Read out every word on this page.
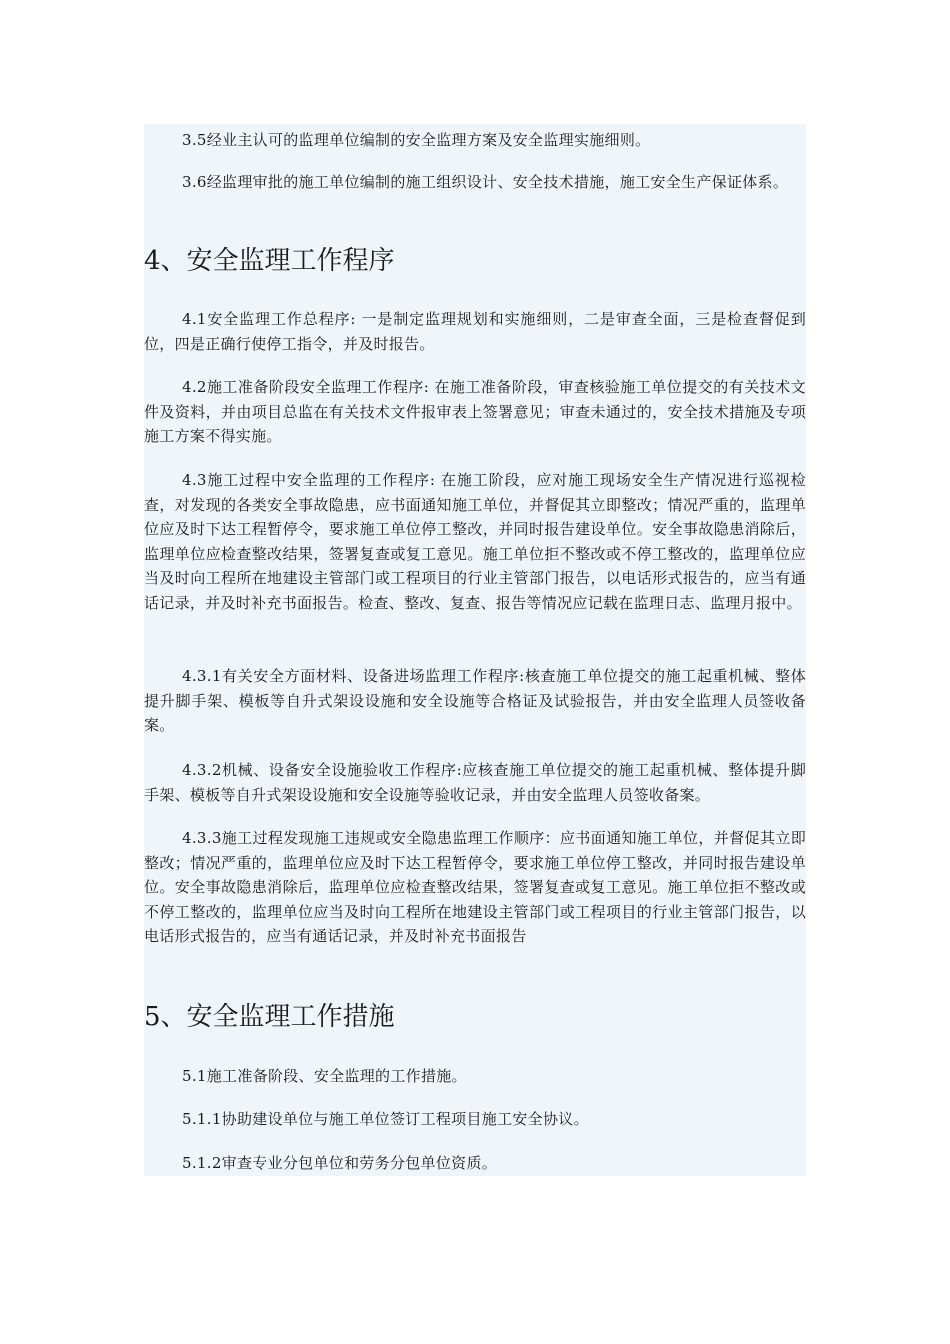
3.5经业主认可的监理单位编制的安全监理方案及安全监理实施细则。

3.6经监理审批的施工单位编制的施工组织设计、安全技术措施，施工安全生产保证体系。

4、安全监理工作程序

4.1安全监理工作总程序: 一是制定监理规划和实施细则，二是审查全面，三是检查督促到位，四是正确行使停工指令，并及时报告。

4.2施工准备阶段安全监理工作程序: 在施工准备阶段，审查核验施工单位提交的有关技术文件及资料，并由项目总监在有关技术文件报审表上签署意见；审查未通过的，安全技术措施及专项施工方案不得实施。

4.3施工过程中安全监理的工作程序: 在施工阶段，应对施工现场安全生产情况进行巡视检查，对发现的各类安全事故隐患，应书面通知施工单位，并督促其立即整改；情况严重的，监理单位应及时下达工程暂停令，要求施工单位停工整改，并同时报告建设单位。安全事故隐患消除后，监理单位应检查整改结果，签署复查或复工意见。施工单位拒不整改或不停工整改的，监理单位应当及时向工程所在地建设主管部门或工程项目的行业主管部门报告，以电话形式报告的，应当有通话记录，并及时补充书面报告。检查、整改、复查、报告等情况应记载在监理日志、监理月报中。

4.3.1有关安全方面材料、设备进场监理工作程序:核查施工单位提交的施工起重机械、整体提升脚手架、模板等自升式架设设施和安全设施等合格证及试验报告，并由安全监理人员签收备案。

4.3.2机械、设备安全设施验收工作程序:应核查施工单位提交的施工起重机械、整体提升脚手架、模板等自升式架设设施和安全设施等验收记录，并由安全监理人员签收备案。

4.3.3施工过程发现施工违规或安全隐患监理工作顺序：应书面通知施工单位，并督促其立即整改；情况严重的，监理单位应及时下达工程暂停令，要求施工单位停工整改，并同时报告建设单位。安全事故隐患消除后，监理单位应检查整改结果，签署复查或复工意见。施工单位拒不整改或不停工整改的，监理单位应当及时向工程所在地建设主管部门或工程项目的行业主管部门报告，以电话形式报告的，应当有通话记录，并及时补充书面报告

5、安全监理工作措施

5.1施工准备阶段、安全监理的工作措施。

5.1.1协助建设单位与施工单位签订工程项目施工安全协议。

5.1.2审查专业分包单位和劳务分包单位资质。
